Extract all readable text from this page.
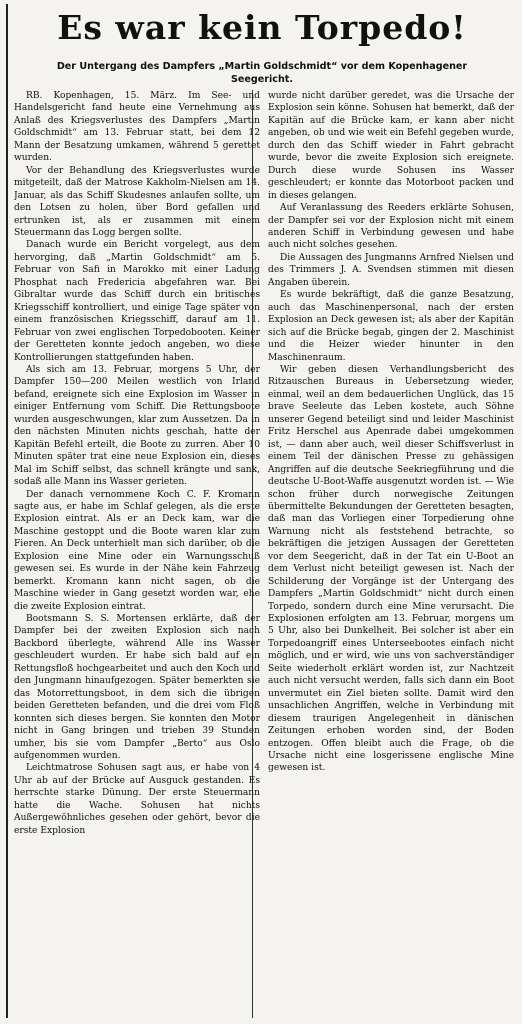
Es war kein Torpedo!
Der Untergang des Dampfers „Martin Goldschmidt“ vor dem Kopenhagener Seegericht.

RB. Kopenhagen, 15. März. Im See- und Handelsgericht fand heute eine Vernehmung aus Anlaß des Kriegsverlustes des Dampfers „Martin Goldschmidt“ am 13. Februar statt, bei dem 12 Mann der Besatzung umkamen, während 5 gerettet wurden.

Vor der Behandlung des Kriegsverlustes wurde mitgeteilt, daß der Matrose Kakholm-Nielsen am 14. Januar, als das Schiff Skudesnes anlaufen sollte, um den Lotsen zu holen, über Bord gefallen und ertrunken ist, als er zusammen mit einem Steuermann das Logg bergen sollte.

Danach wurde ein Bericht vorgelegt, aus dem hervorging, daß „Martin Goldschmidt“ am 5. Februar von Safi in Marokko mit einer Ladung Phosphat nach Fredericia abgefahren war. Bei Gibraltar wurde das Schiff durch ein britisches Kriegsschiff kontrolliert, und einige Tage später von einem französischen Kriegsschiff, darauf am 11. Februar von zwei englischen Torpedobooten. Keiner der Geretteten konnte jedoch angeben, wo diese Kontrollierungen stattgefunden haben.

Als sich am 13. Februar, morgens 5 Uhr, der Dampfer 150—200 Meilen westlich von Irland befand, ereignete sich eine Explosion im Wasser in einiger Entfernung vom Schiff. Die Rettungsboote wurden ausgeschwungen, klar zum Aussetzen. Da in den nächsten Minuten nichts geschah, hatte der Kapitän Befehl erteilt, die Boote zu zurren. Aber 10 Minuten später trat eine neue Explosion ein, dieses Mal im Schiff selbst, das schnell krängte und sank, sodaß alle Mann ins Wasser gerieten.

Der danach vernommene Koch C. F. Kromann sagte aus, er habe im Schlaf gelegen, als die erste Explosion eintrat. Als er an Deck kam, war die Maschine gestoppt und die Boote waren klar zum Fieren. An Deck unterhielt man sich darüber, ob die Explosion eine Mine oder ein Warnungsschuß gewesen sei. Es wurde in der Nähe kein Fahrzeug bemerkt. Kromann kann nicht sagen, ob die Maschine wieder in Gang gesetzt worden war, ehe die zweite Explosion eintrat.

Bootsmann S. S. Mortensen erklärte, daß der Dampfer bei der zweiten Explosion sich nach Backbord überlegte, während Alle ins Wasser geschleudert wurden. Er habe sich bald auf ein Rettungsfloß hochgearbeitet und auch den Koch und den Jungmann hinaufgezogen. Später bemerkten sie das Motorrettungsboot, in dem sich die übrigen beiden Geretteten befanden, und die drei vom Floß konnten sich dieses bergen. Sie konnten den Motor nicht in Gang bringen und trieben 39 Stunden umher, bis sie vom Dampfer „Berto“ aus Oslo aufgenommen wurden.

Leichtmatrose Sohusen sagt aus, er habe von 4 Uhr ab auf der Brücke auf Ausguck gestanden. Es herrschte starke Dünung. Der erste Steuermann hatte die Wache. Sohusen hat nichts Außergewöhnliches gesehen oder gehört, bevor die erste Explosion

wurde nicht darüber geredet, was die Ursache der Explosion sein könne. Sohusen hat bemerkt, daß der Kapitän auf die Brücke kam, er kann aber nicht angeben, ob und wie weit ein Befehl gegeben wurde, durch den das Schiff wieder in Fahrt gebracht wurde, bevor die zweite Explosion sich ereignete. Durch diese wurde Sohusen ins Wasser geschleudert; er konnte das Motorboot packen und in dieses gelangen.

Auf Veranlassung des Reeders erklärte Sohusen, der Dampfer sei vor der Explosion nicht mit einem anderen Schiff in Verbindung gewesen und habe auch nicht solches gesehen.

Die Aussagen des Jungmanns Arnfred Nielsen und des Trimmers J. A. Svendsen stimmen mit diesen Angaben überein.

Es wurde bekräftigt, daß die ganze Besatzung, auch das Maschinenpersonal, nach der ersten Explosion an Deck gewesen ist; als aber der Kapitän sich auf die Brücke begab, gingen der 2. Maschinist und die Heizer wieder hinunter in den Maschinenraum.

Wir geben diesen Verhandlungsbericht des Ritzauschen Bureaus in Uebersetzung wieder, einmal, weil an dem bedauerlichen Unglück, das 15 brave Seeleute das Leben kostete, auch Söhne unserer Gegend beteiligt sind und leider Maschinist Fritz Herschel aus Apenrade dabei umgekommen ist, — dann aber auch, weil dieser Schiffsverlust in einem Teil der dänischen Presse zu gehässigen Angriffen auf die deutsche Seekriegführung und die deutsche U-Boot-Waffe ausgenutzt worden ist. — Wie schon früher durch norwegische Zeitungen übermittelte Bekundungen der Geretteten besagten, daß man das Vorliegen einer Torpedierung ohne Warnung nicht als feststehend betrachte, so bekräftigen die jetzigen Aussagen der Geretteten vor dem Seegericht, daß in der Tat ein U-Boot an dem Verlust nicht beteiligt gewesen ist. Nach der Schilderung der Vorgänge ist der Untergang des Dampfers „Martin Goldschmidt“ nicht durch einen Torpedo, sondern durch eine Mine verursacht. Die Explosionen erfolgten am 13. Februar, morgens um 5 Uhr, also bei Dunkelheit. Bei solcher ist aber ein Torpedoangriff eines Unterseebootes einfach nicht möglich, und er wird, wie uns von sachverständiger Seite wiederholt erklärt worden ist, zur Nachtzeit auch nicht versucht werden, falls sich dann ein Boot unvermutet ein Ziel bieten sollte. Damit wird den unsachlichen Angriffen, welche in Verbindung mit diesem traurigen Angelegenheit in dänischen Zeitungen erhoben worden sind, der Boden entzogen. Offen bleibt auch die Frage, ob die Ursache nicht eine losgerissene englische Mine gewesen ist.
